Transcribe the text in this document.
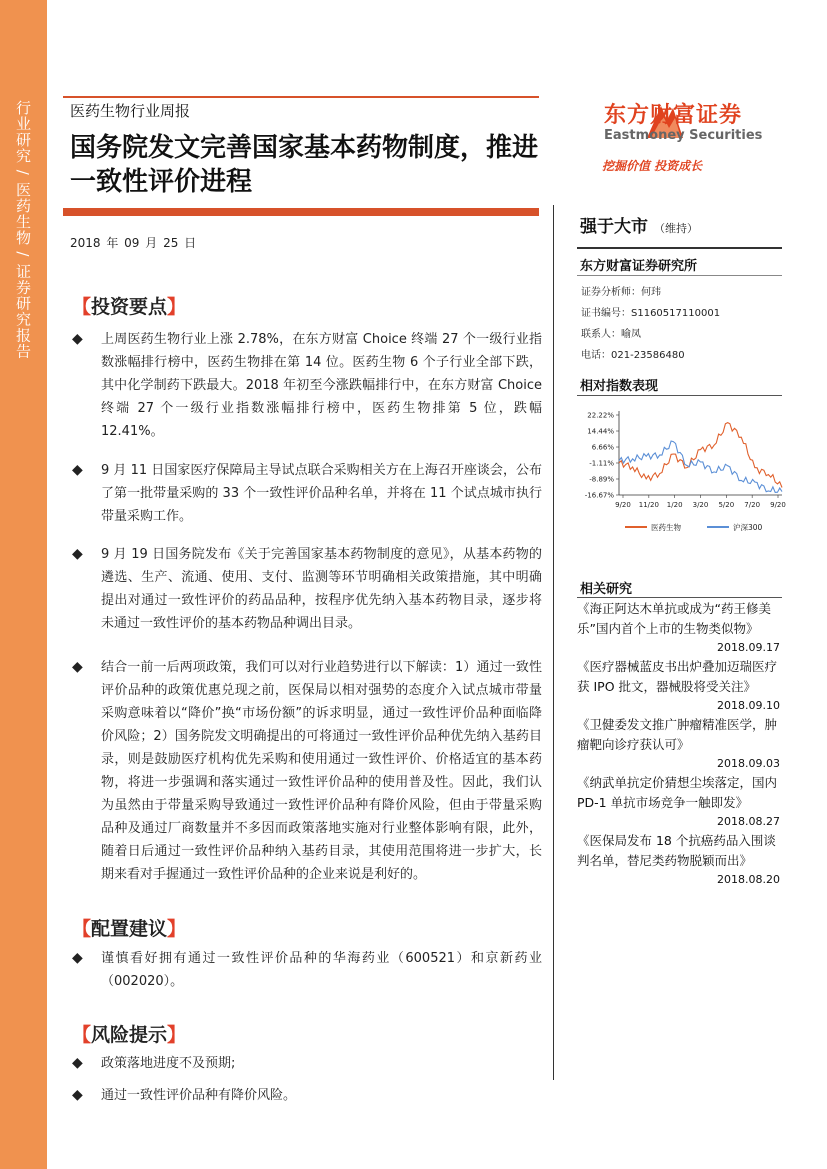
行业研究 / 医药生物 / 证券研究报告	医药生物行业周报
国务院发文完善国家基本药物制度，推进一致性评价进程
2018 年 09 月 25 日
【投资要点】
◆ 上周医药生物行业上涨 2.78%，在东方财富 Choice 终端 27 个一级行业指数涨幅排行榜中，医药生物排在第 14 位。医药生物 6 个子行业全部下跌，其中化学制药下跌最大。2018 年初至今涨跌幅排行中，在东方财富 Choice 终端 27 个一级行业指数涨幅排行榜中，医药生物排第 5 位，跌幅 12.41%。
◆ 9 月 11 日国家医疗保障局主导试点联合采购相关方在上海召开座谈会，公布了第一批带量采购的 33 个一致性评价品种名单，并将在 11 个试点城市执行带量采购工作。
◆ 9 月 19 日国务院发布《关于完善国家基本药物制度的意见》，从基本药物的遴选、生产、流通、使用、支付、监测等环节明确相关政策措施，其中明确提出对通过一致性评价的药品品种，按程序优先纳入基本药物目录，逐步将未通过一致性评价的基本药物品种调出目录。
◆ 结合一前一后两项政策，我们可以对行业趋势进行以下解读：1）通过一致性评价品种的政策优惠兑现之前，医保局以相对强势的态度介入试点城市带量采购意味着以“降价”换“市场份额”的诉求明显，通过一致性评价品种面临降价风险；2）国务院发文明确提出的可将通过一致性评价品种优先纳入基药目录，则是鼓励医疗机构优先采购和使用通过一致性评价、价格适宜的基本药物，将进一步强调和落实通过一致性评价品种的使用普及性。因此，我们认为虽然由于带量采购导致通过一致性评价品种有降价风险，但由于带量采购品种及通过厂商数量并不多因而政策落地实施对行业整体影响有限，此外，随着日后通过一致性评价品种纳入基药目录，其使用范围将进一步扩大，长期来看对手握通过一致性评价品种的企业来说是利好的。
【配置建议】
◆ 谨慎看好拥有通过一致性评价品种的华海药业（600521）和京新药业（002020）。
【风险提示】
◆ 政策落地进度不及预期;
◆ 通过一致性评价品种有降价风险。
东方财富证券
Eastmoney Securities
挖掘价值 投资成长
强于大市 （维持）
东方财富证券研究所
证券分析师：何玮
证书编号：S1160517110001
联系人：喻凤
电话：021-23586480
相对指数表现
22.22%
14.44%
6.66%
-1.11%
-8.89%
-16.67%
9/20 11/20 1/20 3/20 5/20 7/20 9/20
医药生物	沪深300
相关研究
《海正阿达木单抗或成为“药王修美乐”国内首个上市的生物类似物》
2018.09.17
《医疗器械蓝皮书出炉叠加迈瑞医疗获 IPO 批文，器械股将受关注》
2018.09.10
《卫健委发文推广肿瘤精准医学，肿瘤靶向诊疗获认可》
2018.09.03
《纳武单抗定价猜想尘埃落定，国内 PD-1 单抗市场竞争一触即发》
2018.08.27
《医保局发布 18 个抗癌药品入围谈判名单，替尼类药物脱颖而出》
2018.08.20
